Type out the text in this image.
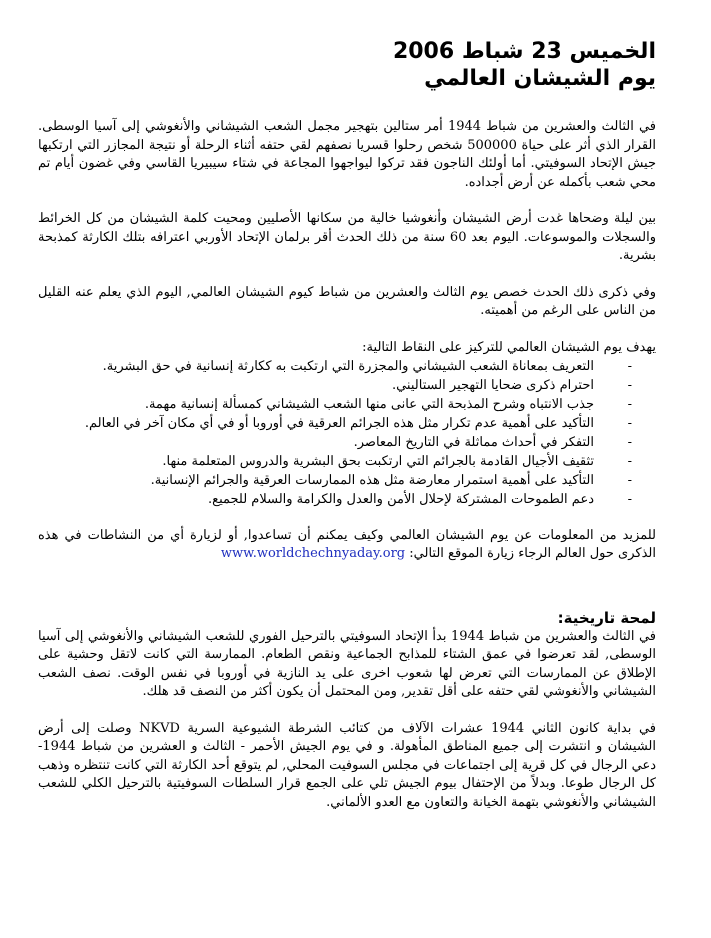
الخميس 23 شباط 2006
يوم الشيشان العالمي

في الثالث والعشرين من شباط 1944 أمر ستالين بتهجير مجمل الشعب الشيشاني والأنغوشي إلى آسيا الوسطى. القرار الذي أثر على حياة 500000 شخص رحلوا قسريا نصفهم لقي حتفه أثناء الرحلة أو نتيجة المجازر التي ارتكبها جيش الإتحاد السوفيتي. أما أولئك الناجون فقد تركوا ليواجهوا المجاعة في شتاء سيبيريا القاسي وفي غضون أيام تم محي شعب بأكمله عن أرض أجداده.

بين ليلة وضحاها غدت أرض الشيشان وأنغوشيا خالية من سكانها الأصليين ومحيت كلمة الشيشان من كل الخرائط والسجلات والموسوعات. اليوم بعد 60 سنة من ذلك الحدث أقر برلمان الإتحاد الأوربي اعترافه بتلك الكارثة كمذبحة بشرية.

وفي ذكرى ذلك الحدث خصص يوم الثالث والعشرين من شباط كيوم الشيشان العالمي, اليوم الذي يعلم عنه القليل من الناس على الرغم من أهميته.

يهدف يوم الشيشان العالمي للتركيز على النقاط التالية:
-
التعريف بمعاناة الشعب الشيشاني والمجزرة التي ارتكبت به ككارثة إنسانية في حق البشرية.
-
احترام ذكرى ضحايا التهجير الستاليني.
-
جذب الانتباه وشرح المذبحة التي عانى منها الشعب الشيشاني كمسألة إنسانية مهمة.
-
التأكيد على أهمية عدم تكرار مثل هذه الجرائم العرقية في أوروبا أو في أي مكان آخر في العالم.
-
التفكر في أحداث مماثلة في التاريخ المعاصر.
-
تثقيف الأجيال القادمة بالجرائم التي ارتكبت بحق البشرية والدروس المتعلمة منها.
-
التأكيد على أهمية استمرار معارضة مثل هذه الممارسات العرقية والجرائم الإنسانية.
-
دعم الطموحات المشتركة لإحلال الأمن والعدل والكرامة والسلام للجميع.

للمزيد من المعلومات عن يوم الشيشان العالمي وكيف يمكنم أن تساعدوا, أو لزيارة أي من النشاطات في هذه الذكرى حول العالم الرجاء زيارة الموقع التالي: www.worldchechnyaday.org

لمحة تاريخية:

في الثالث والعشرين من شباط 1944 بدأ الإتحاد السوفيتي بالترحيل الفوري للشعب الشيشاني والأنغوشي إلى آسيا الوسطى, لقد تعرضوا في عمق الشتاء للمذابح الجماعية ونقص الطعام. الممارسة التي كانت لاتقل وحشية على الإطلاق عن الممارسات التي تعرض لها شعوب اخرى على يد النازية في أوروبا في نفس الوقت. نصف الشعب الشيشاني والأنغوشي لقي حتفه على أقل تقدير, ومن المحتمل أن يكون أكثر من النصف قد هلك.

في بداية كانون الثاني 1944 عشرات الآلاف من كتائب الشرطة الشيوعية السرية NKVD وصلت إلى أرض الشيشان و انتشرت إلى جميع المناطق المأهولة. و في يوم الجيش الأحمر - الثالث و العشرين من شباط 1944- دعي الرجال في كل قرية إلى اجتماعات في مجلس السوفيت المحلي, لم يتوقع أحد الكارثة التي كانت تنتظره وذهب كل الرجال طوعا. وبدلاً من الإحتفال بيوم الجيش تلي على الجمع قرار السلطات السوفيتية بالترحيل الكلي للشعب الشيشاني والأنغوشي بتهمة الخيانة والتعاون مع العدو الألماني.
